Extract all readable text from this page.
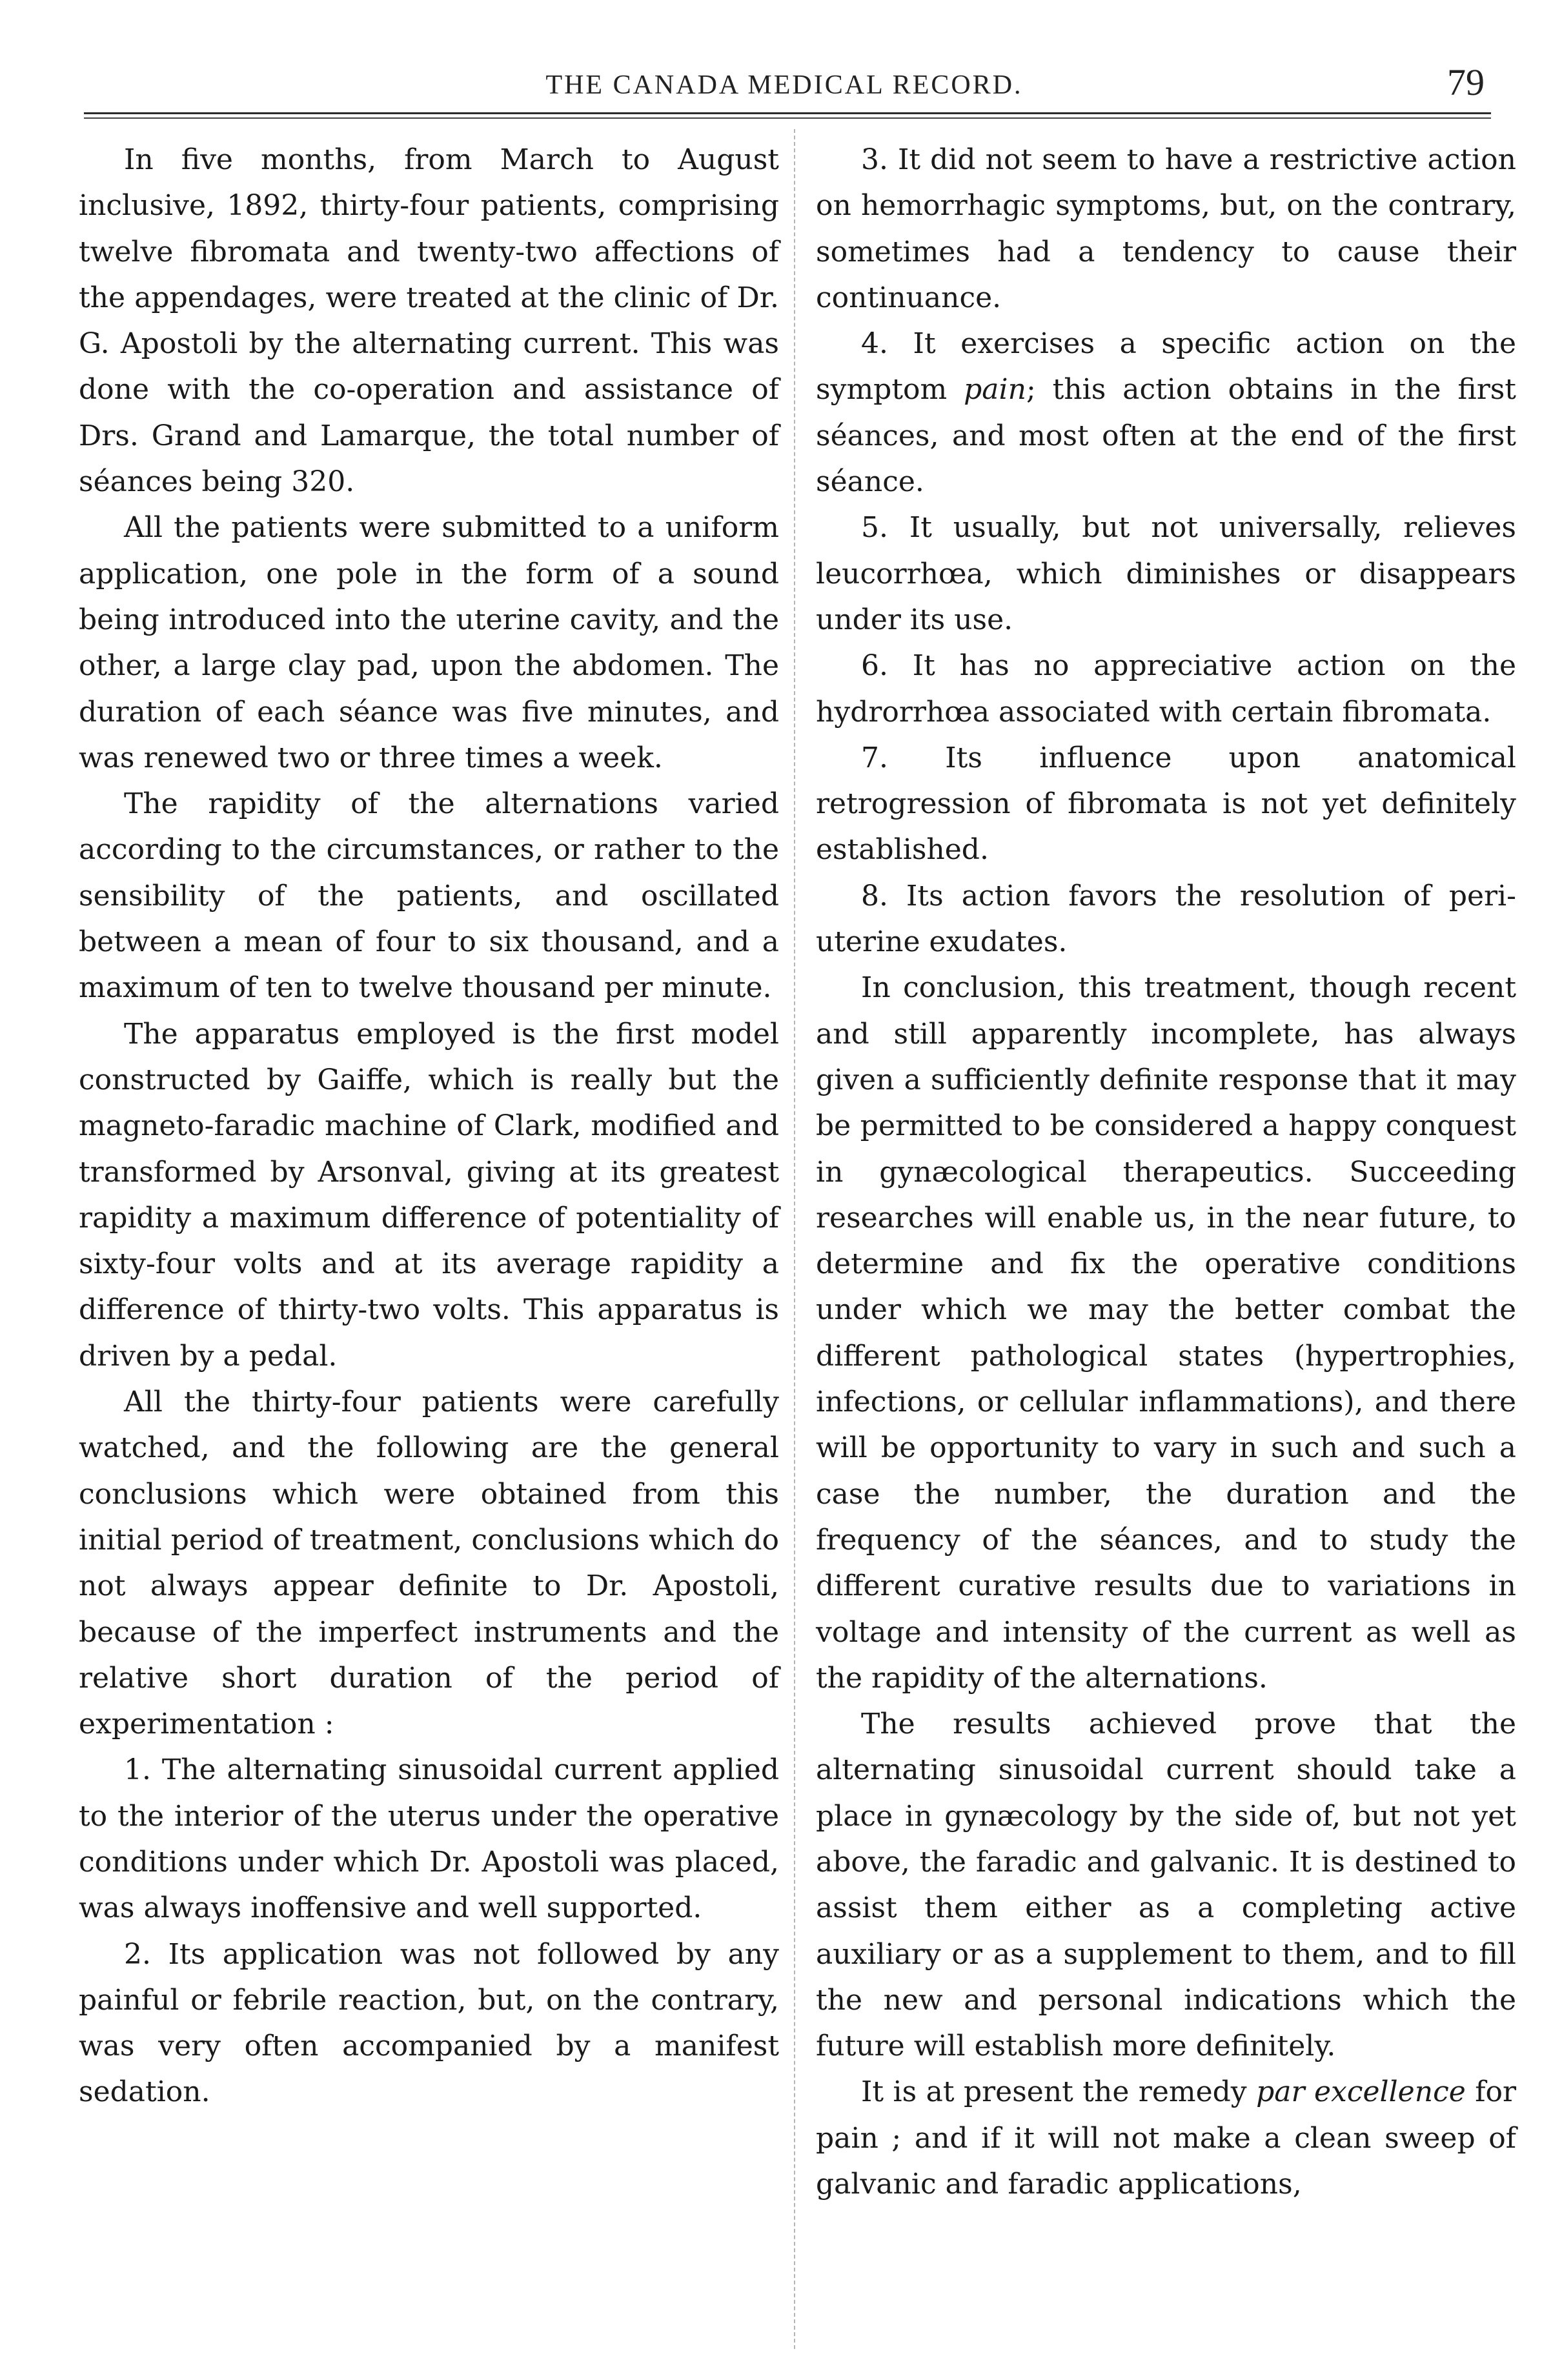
THE CANADA MEDICAL RECORD.	79

In five months, from March to August inclusive, 1892, thirty-four patients, comprising twelve fibromata and twenty-two affections of the appendages, were treated at the clinic of Dr. G. Apostoli by the alternating current. This was done with the co-operation and assistance of Drs. Grand and Lamarque, the total number of séances being 320.

All the patients were submitted to a uniform application, one pole in the form of a sound being introduced into the uterine cavity, and the other, a large clay pad, upon the abdomen. The duration of each séance was five minutes, and was renewed two or three times a week.

The rapidity of the alternations varied according to the circumstances, or rather to the sensibility of the patients, and oscillated between a mean of four to six thousand, and a maximum of ten to twelve thousand per minute.

The apparatus employed is the first model constructed by Gaiffe, which is really but the magneto-faradic machine of Clark, modified and transformed by Arsonval, giving at its greatest rapidity a maximum difference of potentiality of sixty-four volts and at its average rapidity a difference of thirty-two volts. This apparatus is driven by a pedal.

All the thirty-four patients were carefully watched, and the following are the general conclusions which were obtained from this initial period of treatment, conclusions which do not always appear definite to Dr. Apostoli, because of the imperfect instruments and the relative short duration of the period of experimentation :

1. The alternating sinusoidal current applied to the interior of the uterus under the operative conditions under which Dr. Apostoli was placed, was always inoffensive and well supported.

2. Its application was not followed by any painful or febrile reaction, but, on the contrary, was very often accompanied by a manifest sedation.

3. It did not seem to have a restrictive action on hemorrhagic symptoms, but, on the contrary, sometimes had a tendency to cause their continuance.

4. It exercises a specific action on the symptom pain; this action obtains in the first séances, and most often at the end of the first séance.

5. It usually, but not universally, relieves leucorrhœa, which diminishes or disappears under its use.

6. It has no appreciative action on the hydrorrhœa associated with certain fibromata.

7. Its influence upon anatomical retrogression of fibromata is not yet definitely established.

8. Its action favors the resolution of peri-uterine exudates.

In conclusion, this treatment, though recent and still apparently incomplete, has always given a sufficiently definite response that it may be permitted to be considered a happy conquest in gynæcological therapeutics. Succeeding researches will enable us, in the near future, to determine and fix the operative conditions under which we may the better combat the different pathological states (hypertrophies, infections, or cellular inflammations), and there will be opportunity to vary in such and such a case the number, the duration and the frequency of the séances, and to study the different curative results due to variations in voltage and intensity of the current as well as the rapidity of the alternations.

The results achieved prove that the alternating sinusoidal current should take a place in gynæcology by the side of, but not yet above, the faradic and galvanic. It is destined to assist them either as a completing active auxiliary or as a supplement to them, and to fill the new and personal indications which the future will establish more definitely.

It is at present the remedy par excellence for pain ; and if it will not make a clean sweep of galvanic and faradic applications,
